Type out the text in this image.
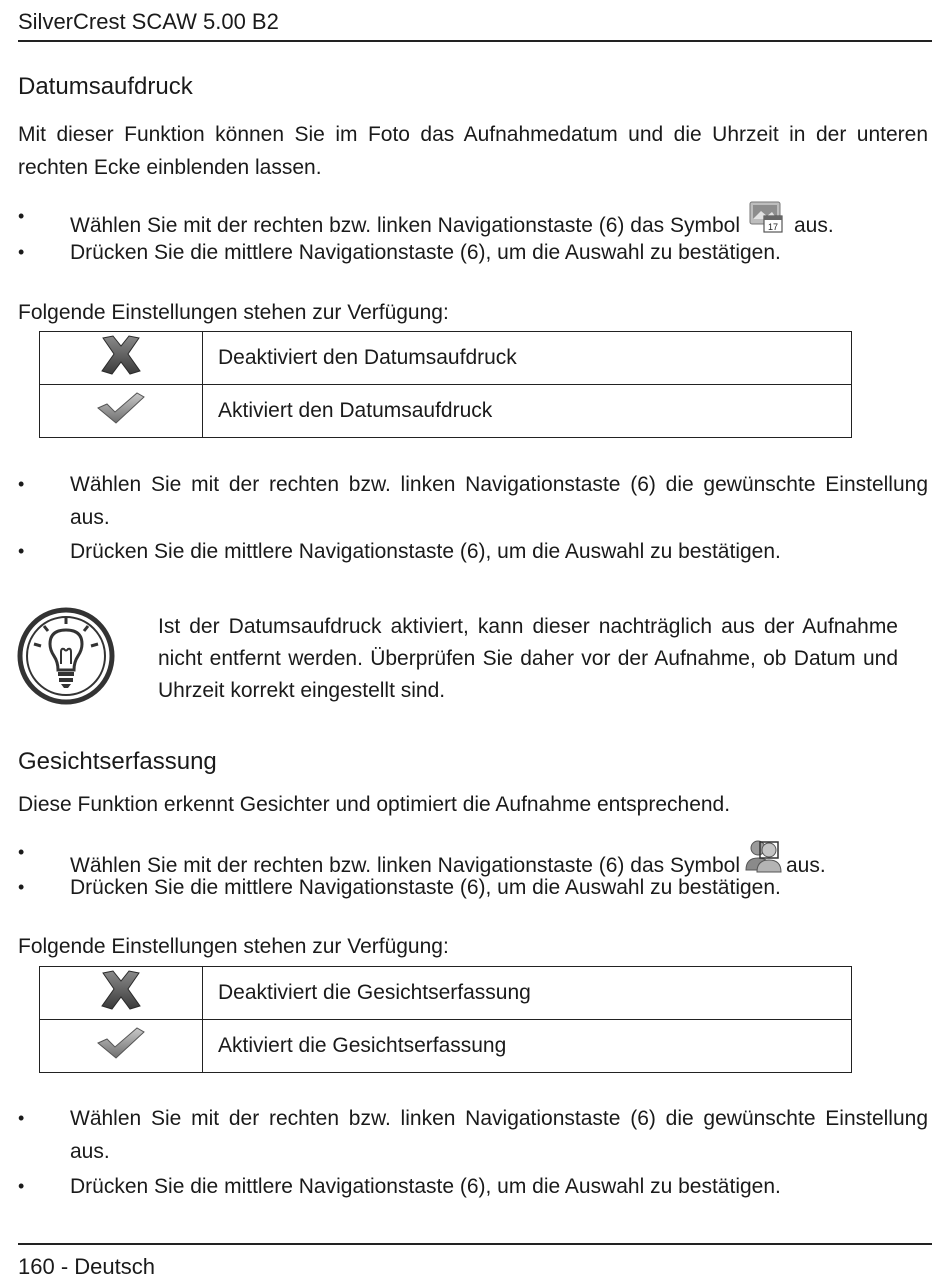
SilverCrest SCAW 5.00 B2
Datumsaufdruck
Mit dieser Funktion können Sie im Foto das Aufnahmedatum und die Uhrzeit in der unteren rechten Ecke einblenden lassen.
•	Wählen Sie mit der rechten bzw. linken Navigationstaste (6) das Symbol	17 aus.
•	Drücken Sie die mittlere Navigationstaste (6), um die Auswahl zu bestätigen.
Folgende Einstellungen stehen zur Verfügung:
	Deaktiviert den Datumsaufdruck
	Aktiviert den Datumsaufdruck
•	Wählen Sie mit der rechten bzw. linken Navigationstaste (6) die gewünschte Einstellung aus.
•	Drücken Sie die mittlere Navigationstaste (6), um die Auswahl zu bestätigen.
Ist der Datumsaufdruck aktiviert, kann dieser nachträglich aus der Aufnahme nicht entfernt werden. Überprüfen Sie daher vor der Aufnahme, ob Datum und Uhrzeit korrekt eingestellt sind.
Gesichtserfassung
Diese Funktion erkennt Gesichter und optimiert die Aufnahme entsprechend.
•
Wählen Sie mit der rechten bzw. linken Navigationstaste (6) das Symbol aus.
•	Drücken Sie die mittlere Navigationstaste (6), um die Auswahl zu bestätigen.
Folgende Einstellungen stehen zur Verfügung:
	Deaktiviert die Gesichtserfassung
	Aktiviert die Gesichtserfassung
•	Wählen Sie mit der rechten bzw. linken Navigationstaste (6) die gewünschte Einstellung aus.
•	Drücken Sie die mittlere Navigationstaste (6), um die Auswahl zu bestätigen.
160 - Deutsch
